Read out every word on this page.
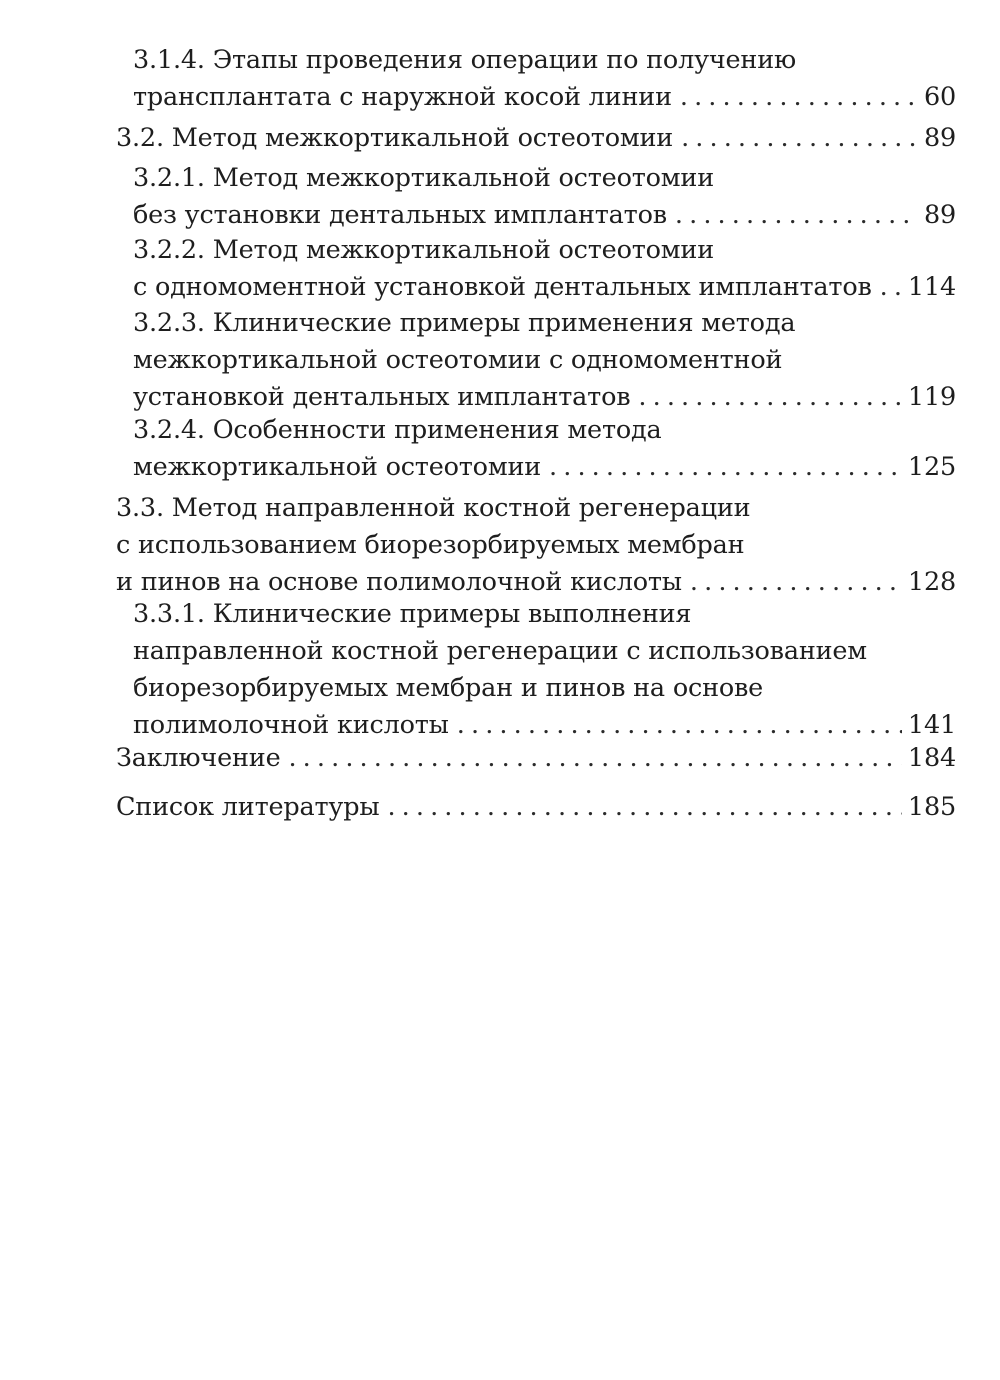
3.1.4. Этапы проведения операции по получению
трансплантата с наружной косой линии . . .	60
3.2. Метод межкортикальной остеотомии . . .	89
3.2.1. Метод межкортикальной остеотомии
без установки дентальных имплантатов . . .	89
3.2.2. Метод межкортикальной остеотомии
с одномоментной установкой дентальных имплантатов . . . 114
3.2.3. Клинические примеры применения метода
межкортикальной остеотомии с одномоментной
установкой дентальных имплантатов . . .	119
3.2.4. Особенности применения метода
межкортикальной остеотомии . . .	125
3.3. Метод направленной костной регенерации
с использованием биорезорбируемых мембран
и пинов на основе полимолочной кислоты . . .	128
3.3.1. Клинические примеры выполнения
направленной костной регенерации с использованием
биорезорбируемых мембран и пинов на основе
полимолочной кислоты . . .	141
Заключение . . .	184
Список литературы . . .	185
